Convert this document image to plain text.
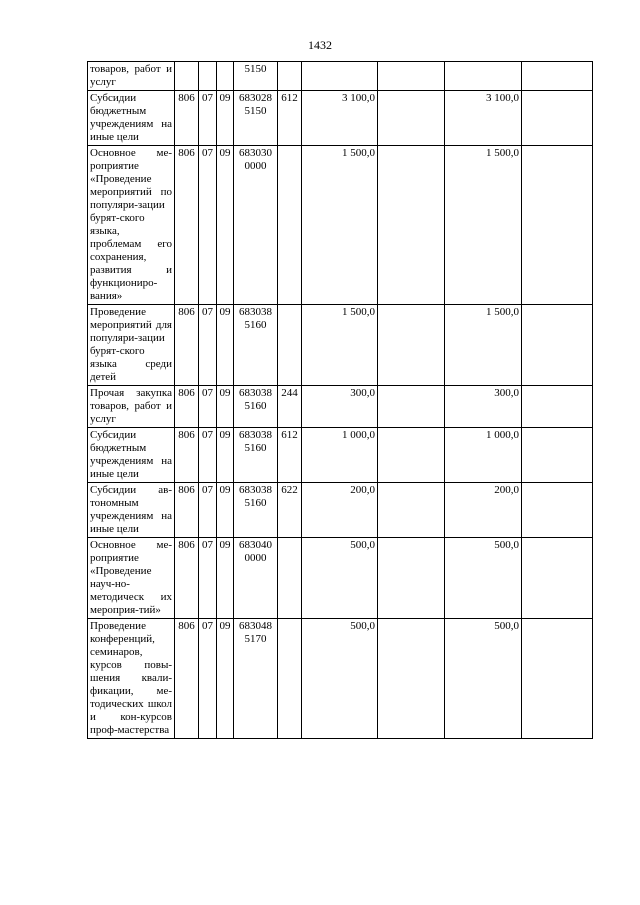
1432
товаров, работ и услуг				5150					
Субсидии бюджетным учреждениям на иные цели	806	07	09	683028 5150	612	3 100,0		3 100,0	
Основное ме-роприятие «Проведение мероприятий по популяри-зации бурят-ского языка, проблемам его сохранения, развития и функциониро-вания»	806	07	09	683030 0000		1 500,0		1 500,0	
Проведение мероприятий для популяри-зации бурят-ского языка среди детей	806	07	09	683038 5160		1 500,0		1 500,0	
Прочая закупка товаров, работ и услуг	806	07	09	683038 5160	244	300,0		300,0	
Субсидии бюджетным учреждениям на иные цели	806	07	09	683038 5160	612	1 000,0		1 000,0	
Субсидии ав-тономным учреждениям на иные цели	806	07	09	683038 5160	622	200,0		200,0	
Основное ме-роприятие «Проведение науч-но-методическ их мероприя-тий»	806	07	09	683040 0000		500,0		500,0	
Проведение конференций, семинаров, курсов повы-шения квали-фикации, ме-тодических школ и кон-курсов проф-мастерства	806	07	09	683048 5170		500,0		500,0	
